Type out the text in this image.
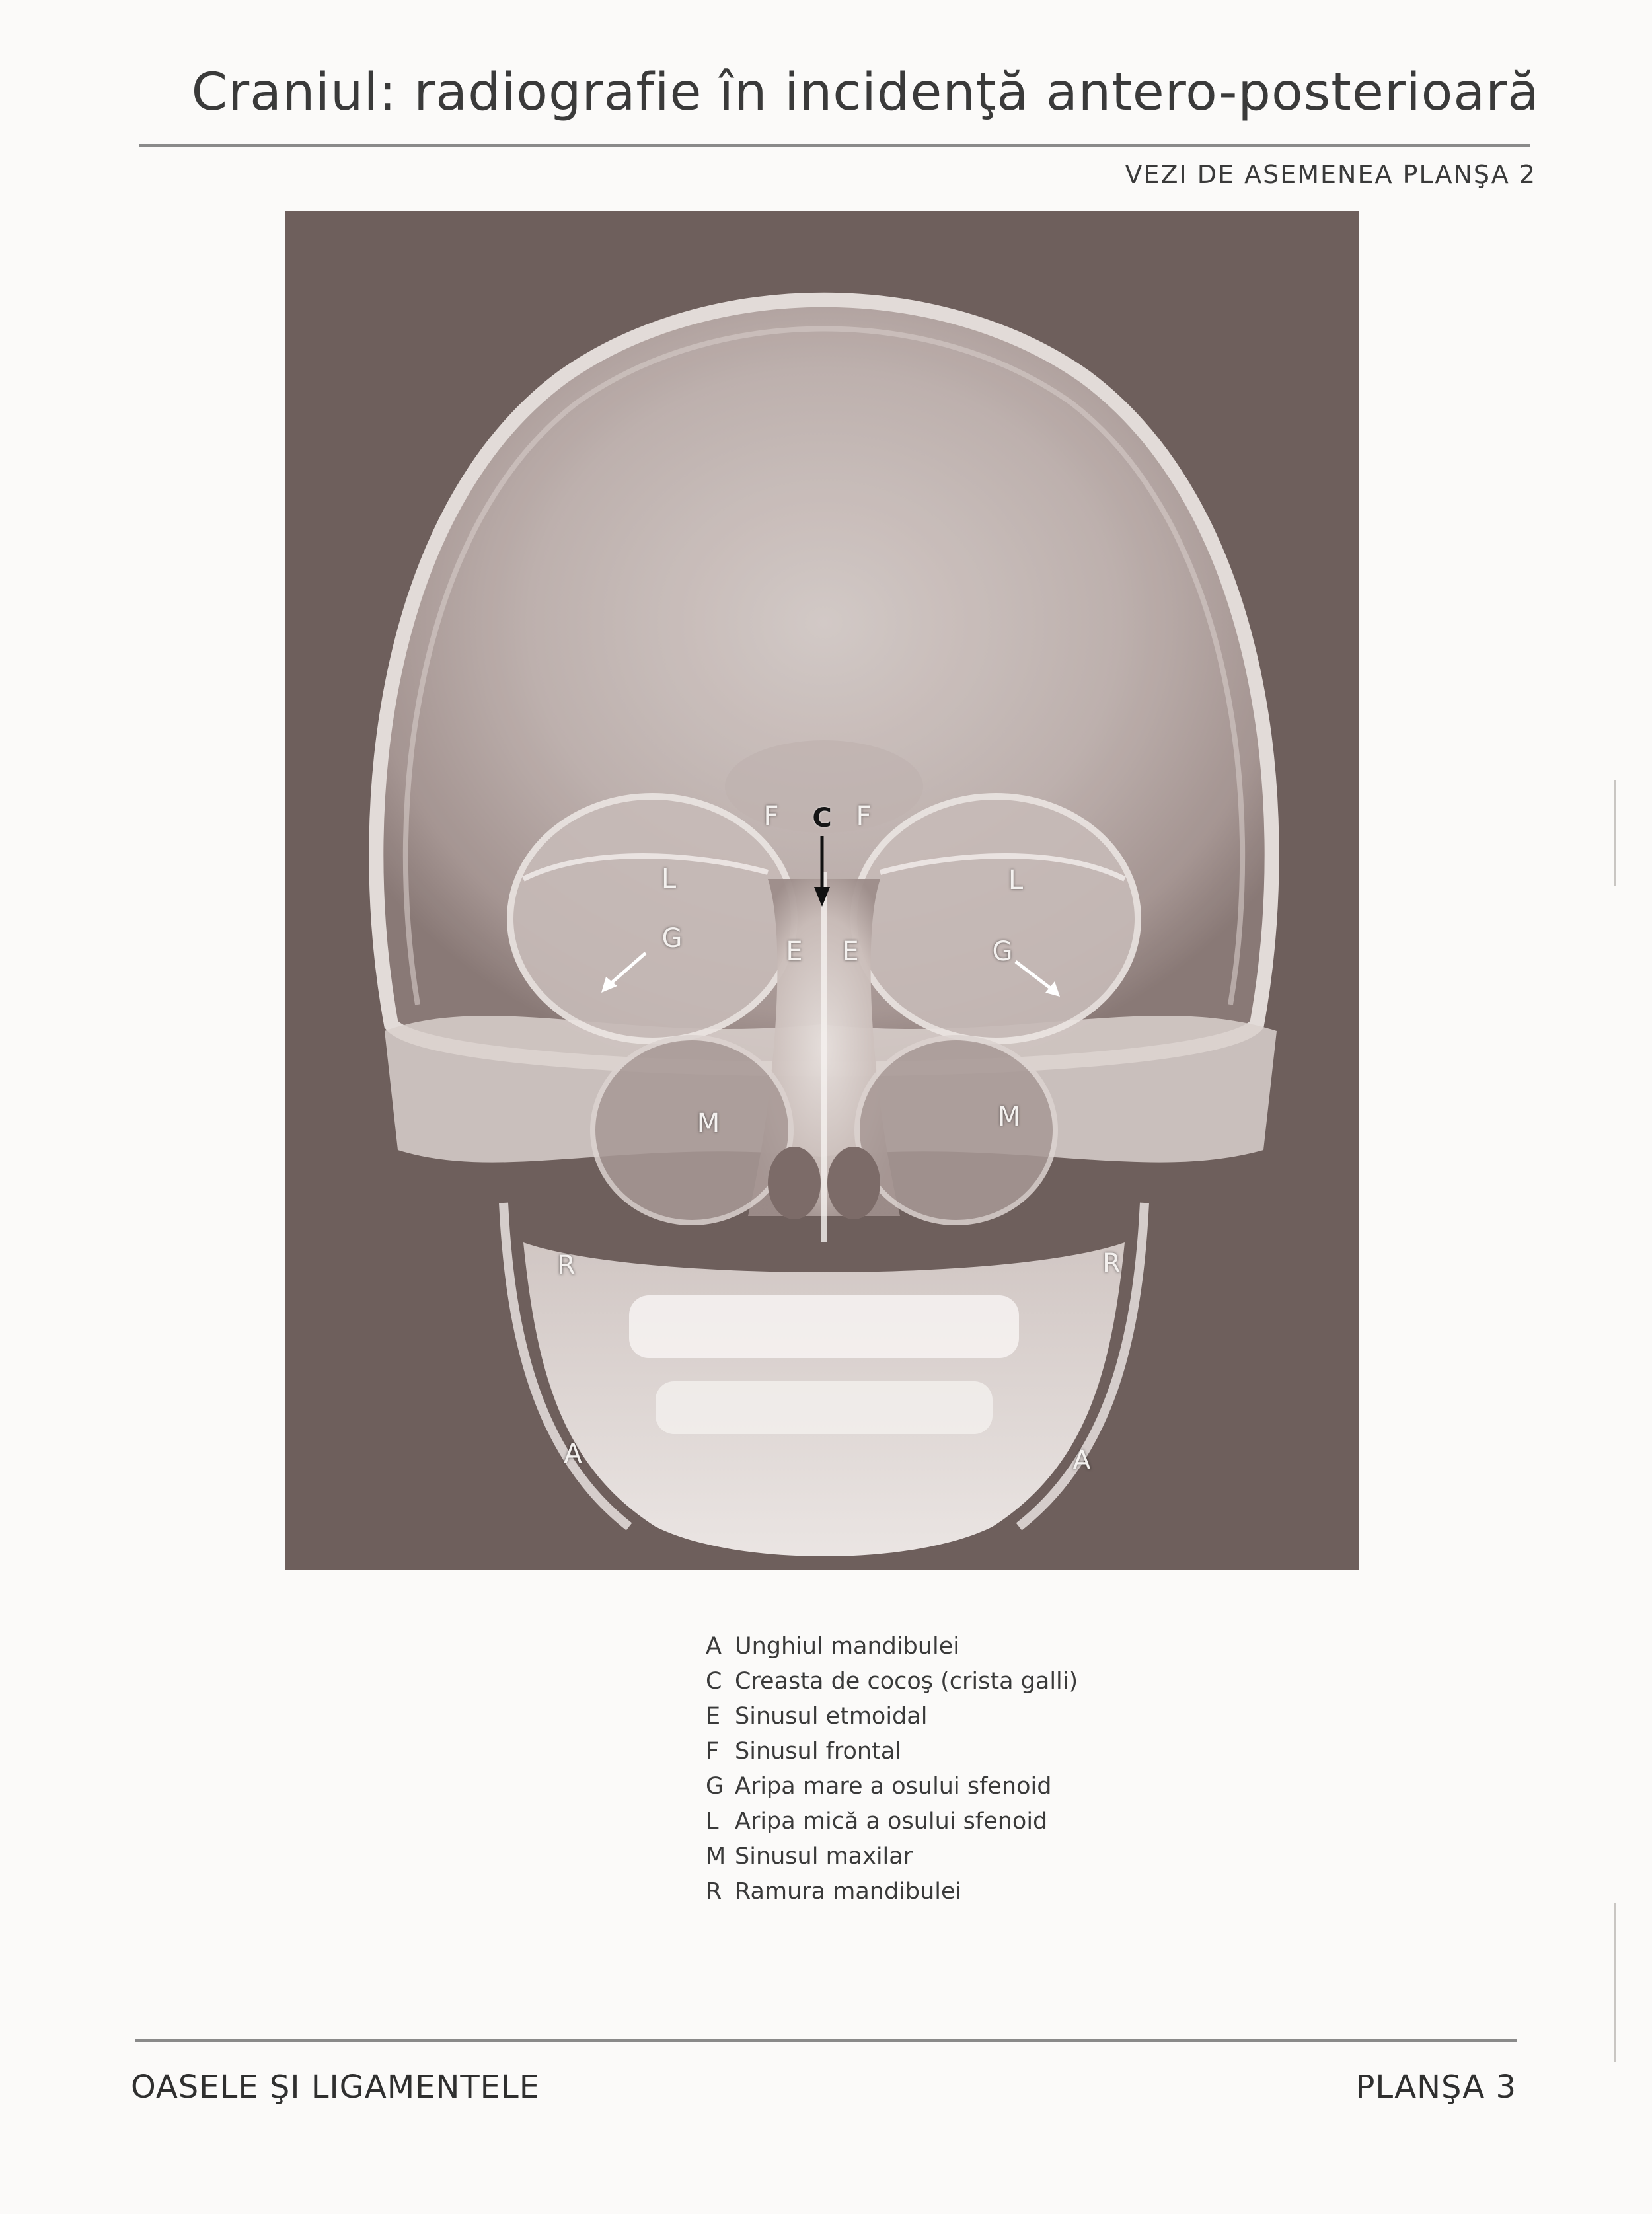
Craniul: radiografie în incidenţă antero-posterioară
VEZI DE ASEMENEA PLANŞA 2
F C F
L	L
G	G
E E
M	M
R	R
A	A
A Unghiul mandibulei
C Creasta de cocoş (crista galli)
E Sinusul etmoidal
F Sinusul frontal
G Aripa mare a osului sfenoid
L Aripa mică a osului sfenoid
M Sinusul maxilar
R Ramura mandibulei
OASELE ŞI LIGAMENTELE	PLANŞA 3
